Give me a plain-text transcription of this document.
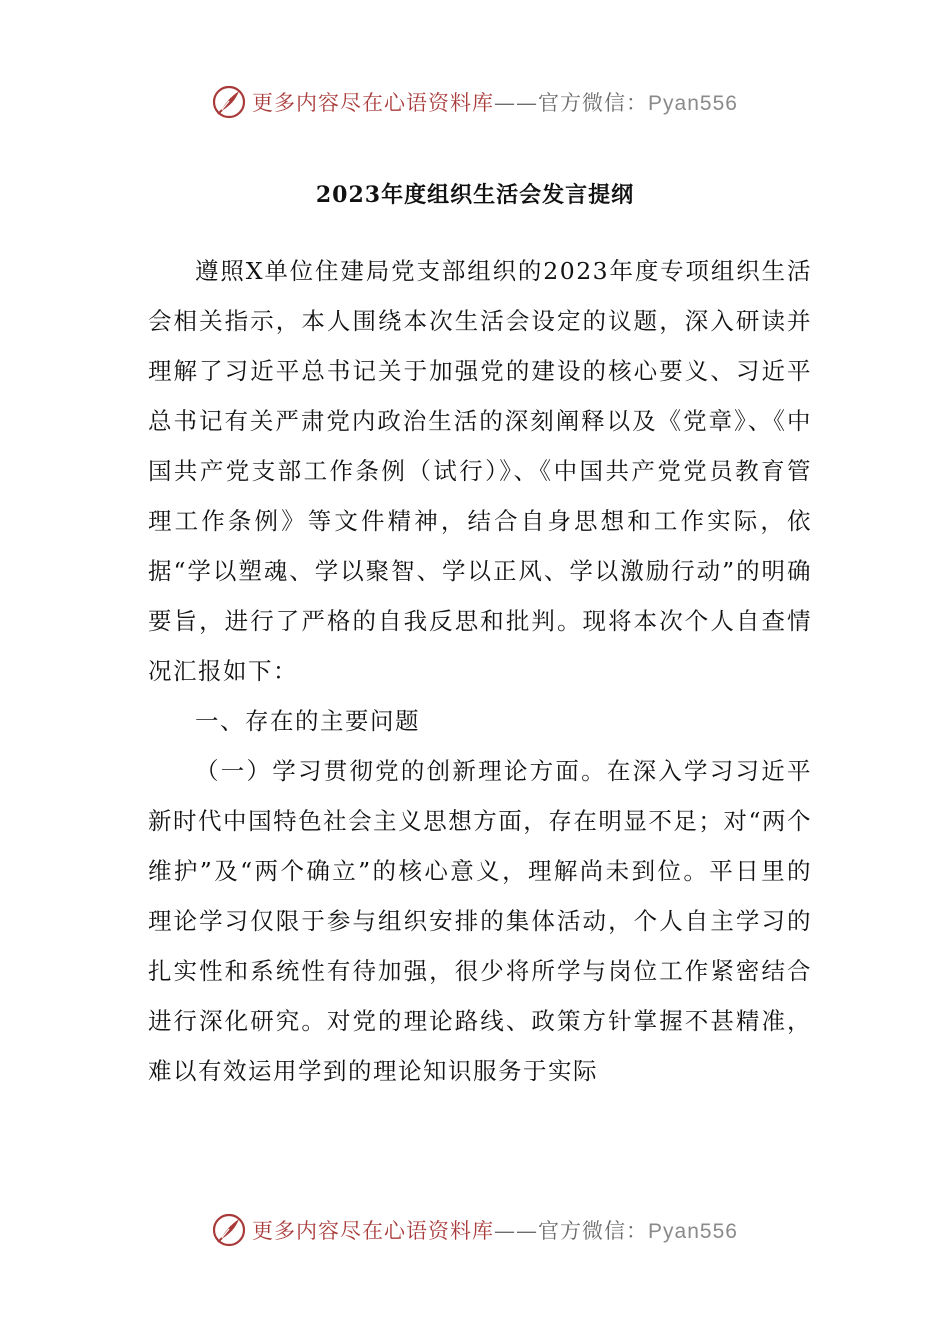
更多内容尽在心语资料库——官方微信：Pyan556
2023年度组织生活会发言提纲

遵照X单位住建局党支部组织的2023年度专项组织生活会相关指示，本人围绕本次生活会设定的议题，深入研读并理解了习近平总书记关于加强党的建设的核心要义、习近平总书记有关严肃党内政治生活的深刻阐释以及《党章》、《中国共产党支部工作条例（试行）》、《中国共产党党员教育管理工作条例》等文件精神，结合自身思想和工作实际，依据“学以塑魂、学以聚智、学以正风、学以激励行动”的明确要旨，进行了严格的自我反思和批判。现将本次个人自查情况汇报如下：

一、存在的主要问题

（一）学习贯彻党的创新理论方面。在深入学习习近平新时代中国特色社会主义思想方面，存在明显不足；对“两个维护”及“两个确立”的核心意义，理解尚未到位。平日里的理论学习仅限于参与组织安排的集体活动，个人自主学习的扎实性和系统性有待加强，很少将所学与岗位工作紧密结合进行深化研究。对党的理论路线、政策方针掌握不甚精准，难以有效运用学到的理论知识服务于实际

更多内容尽在心语资料库——官方微信：Pyan556
